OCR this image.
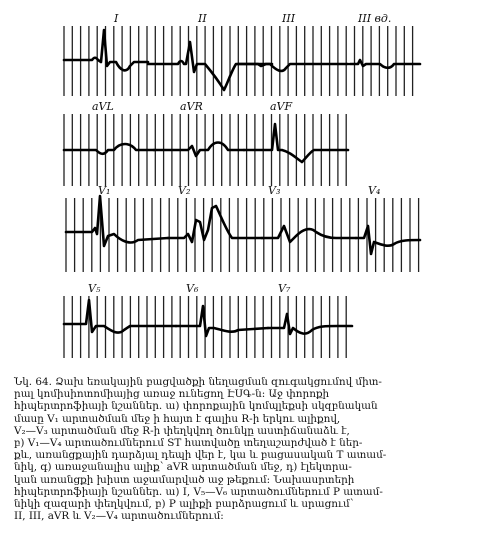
I	II	III	III вд.
aVL	aVR	aVF
V₁	V₂	V₃	V₄
V₅	V₆	V₇
Նկ. 64. Ձախ եռակային բացվածքի նեղացման զուգակցումով միտ-
րալ կոմիսիոտոմիայից առաջ ունեցող ԷՍԳ-ն: Աջ փորոքի
հիպերտրոֆիայի նշաններ. ա) փորոքային կոմպլեքսի սկզբնական
մասը V₁ արտածման մեջ ի հայտ է գալիս R-ի երկու ալիքով,
V₂—V₃ արտածման մեջ R-ի փեղկվող ծունկը աստիճանաձև է,
բ) V₁—V₄ արտածումներում ST հատվածը տեղաշարժված է ներ-
քև, առանցքային դարձյալ դեպի վեր է, կա և բացասական T ատամ-
նիկ, գ) առաջանալիս ալիք՝ aVR արտածման մեջ, դ) էլեկտրա-
կան առանցքի խիստ աջամարված աջ թեքում: Նախասրտերի
հիպերտրոֆիայի նշաններ. ա) I, V₅—V₆ արտածումներում P ատամ-
նիկի զազարի փեղկվում, բ) P ալիքի բարձրացում և սրացում՝
II, III, aVR և V₂—V₄ արտածումներում:
